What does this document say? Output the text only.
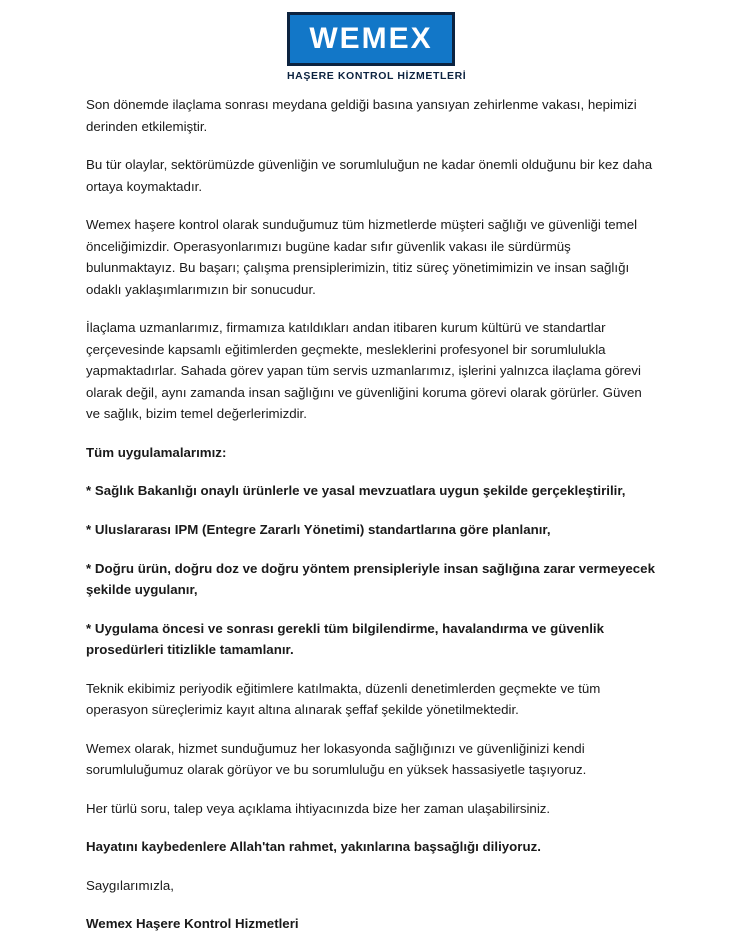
WEMEX
HAŞERE KONTROL HİZMETLERİ

Son dönemde ilaçlama sonrası meydana geldiği basına yansıyan zehirlenme vakası, hepimizi derinden etkilemiştir.

Bu tür olaylar, sektörümüzde güvenliğin ve sorumluluğun ne kadar önemli olduğunu bir kez daha ortaya koymaktadır.

Wemex haşere kontrol olarak sunduğumuz tüm hizmetlerde müşteri sağlığı ve güvenliği temel önceliğimizdir. Operasyonlarımızı bugüne kadar sıfır güvenlik vakası ile sürdürmüş bulunmaktayız. Bu başarı; çalışma prensiplerimizin, titiz süreç yönetimimizin ve insan sağlığı odaklı yaklaşımlarımızın bir sonucudur.

İlaçlama uzmanlarımız, firmamıza katıldıkları andan itibaren kurum kültürü ve standartlar çerçevesinde kapsamlı eğitimlerden geçmekte, mesleklerini profesyonel bir sorumlulukla yapmaktadırlar. Sahada görev yapan tüm servis uzmanlarımız, işlerini yalnızca ilaçlama görevi olarak değil, aynı zamanda insan sağlığını ve güvenliğini koruma görevi olarak görürler. Güven ve sağlık, bizim temel değerlerimizdir.

Tüm uygulamalarımız:

* Sağlık Bakanlığı onaylı ürünlerle ve yasal mevzuatlara uygun şekilde gerçekleştirilir,

* Uluslararası IPM (Entegre Zararlı Yönetimi) standartlarına göre planlanır,

* Doğru ürün, doğru doz ve doğru yöntem prensipleriyle insan sağlığına zarar vermeyecek şekilde uygulanır,

* Uygulama öncesi ve sonrası gerekli tüm bilgilendirme, havalandırma ve güvenlik prosedürleri titizlikle tamamlanır.

Teknik ekibimiz periyodik eğitimlere katılmakta, düzenli denetimlerden geçmekte ve tüm operasyon süreçlerimiz kayıt altına alınarak şeffaf şekilde yönetilmektedir.

Wemex olarak, hizmet sunduğumuz her lokasyonda sağlığınızı ve güvenliğinizi kendi sorumluluğumuz olarak görüyor ve bu sorumluluğu en yüksek hassasiyetle taşıyoruz.

Her türlü soru, talep veya açıklama ihtiyacınızda bize her zaman ulaşabilirsiniz.

Hayatını kaybedenlere Allah'tan rahmet, yakınlarına başsağlığı diliyoruz.

Saygılarımızla,

Wemex Haşere Kontrol Hizmetleri
